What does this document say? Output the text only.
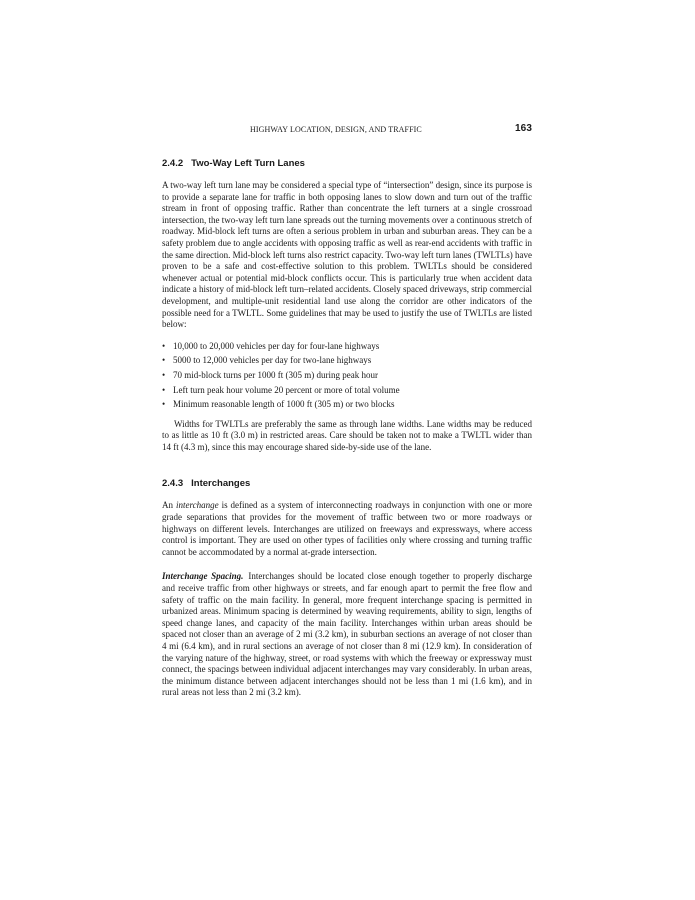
HIGHWAY LOCATION, DESIGN, AND TRAFFIC	163
2.4.2 Two-Way Left Turn Lanes

A two-way left turn lane may be considered a special type of “intersection” design, since its purpose is to provide a separate lane for traffic in both opposing lanes to slow down and turn out of the traffic stream in front of opposing traffic. Rather than concentrate the left turners at a single crossroad intersection, the two-way left turn lane spreads out the turning movements over a continuous stretch of roadway. Mid-block left turns are often a serious problem in urban and suburban areas. They can be a safety problem due to angle accidents with opposing traffic as well as rear-end accidents with traffic in the same direction. Mid-block left turns also restrict capacity. Two-way left turn lanes (TWLTLs) have proven to be a safe and cost-effective solution to this problem. TWLTLs should be considered whenever actual or potential mid-block conflicts occur. This is particularly true when accident data indicate a history of mid-block left turn–related accidents. Closely spaced driveways, strip commercial development, and multiple-unit residential land use along the corridor are other indicators of the possible need for a TWLTL. Some guidelines that may be used to justify the use of TWLTLs are listed below:

• 10,000 to 20,000 vehicles per day for four-lane highways
• 5000 to 12,000 vehicles per day for two-lane highways
• 70 mid-block turns per 1000 ft (305 m) during peak hour
• Left turn peak hour volume 20 percent or more of total volume
• Minimum reasonable length of 1000 ft (305 m) or two blocks

Widths for TWLTLs are preferably the same as through lane widths. Lane widths may be reduced to as little as 10 ft (3.0 m) in restricted areas. Care should be taken not to make a TWLTL wider than 14 ft (4.3 m), since this may encourage shared side-by-side use of the lane.

2.4.3 Interchanges

An interchange is defined as a system of interconnecting roadways in conjunction with one or more grade separations that provides for the movement of traffic between two or more roadways or highways on different levels. Interchanges are utilized on freeways and expressways, where access control is important. They are used on other types of facilities only where crossing and turning traffic cannot be accommodated by a normal at-grade intersection.

Interchange Spacing. Interchanges should be located close enough together to properly discharge and receive traffic from other highways or streets, and far enough apart to permit the free flow and safety of traffic on the main facility. In general, more frequent interchange spacing is permitted in urbanized areas. Minimum spacing is determined by weaving requirements, ability to sign, lengths of speed change lanes, and capacity of the main facility. Interchanges within urban areas should be spaced not closer than an average of 2 mi (3.2 km), in suburban sections an average of not closer than 4 mi (6.4 km), and in rural sections an average of not closer than 8 mi (12.9 km). In consideration of the varying nature of the highway, street, or road systems with which the freeway or expressway must connect, the spacings between individual adjacent interchanges may vary considerably. In urban areas, the minimum distance between adjacent interchanges should not be less than 1 mi (1.6 km), and in rural areas not less than 2 mi (3.2 km).
